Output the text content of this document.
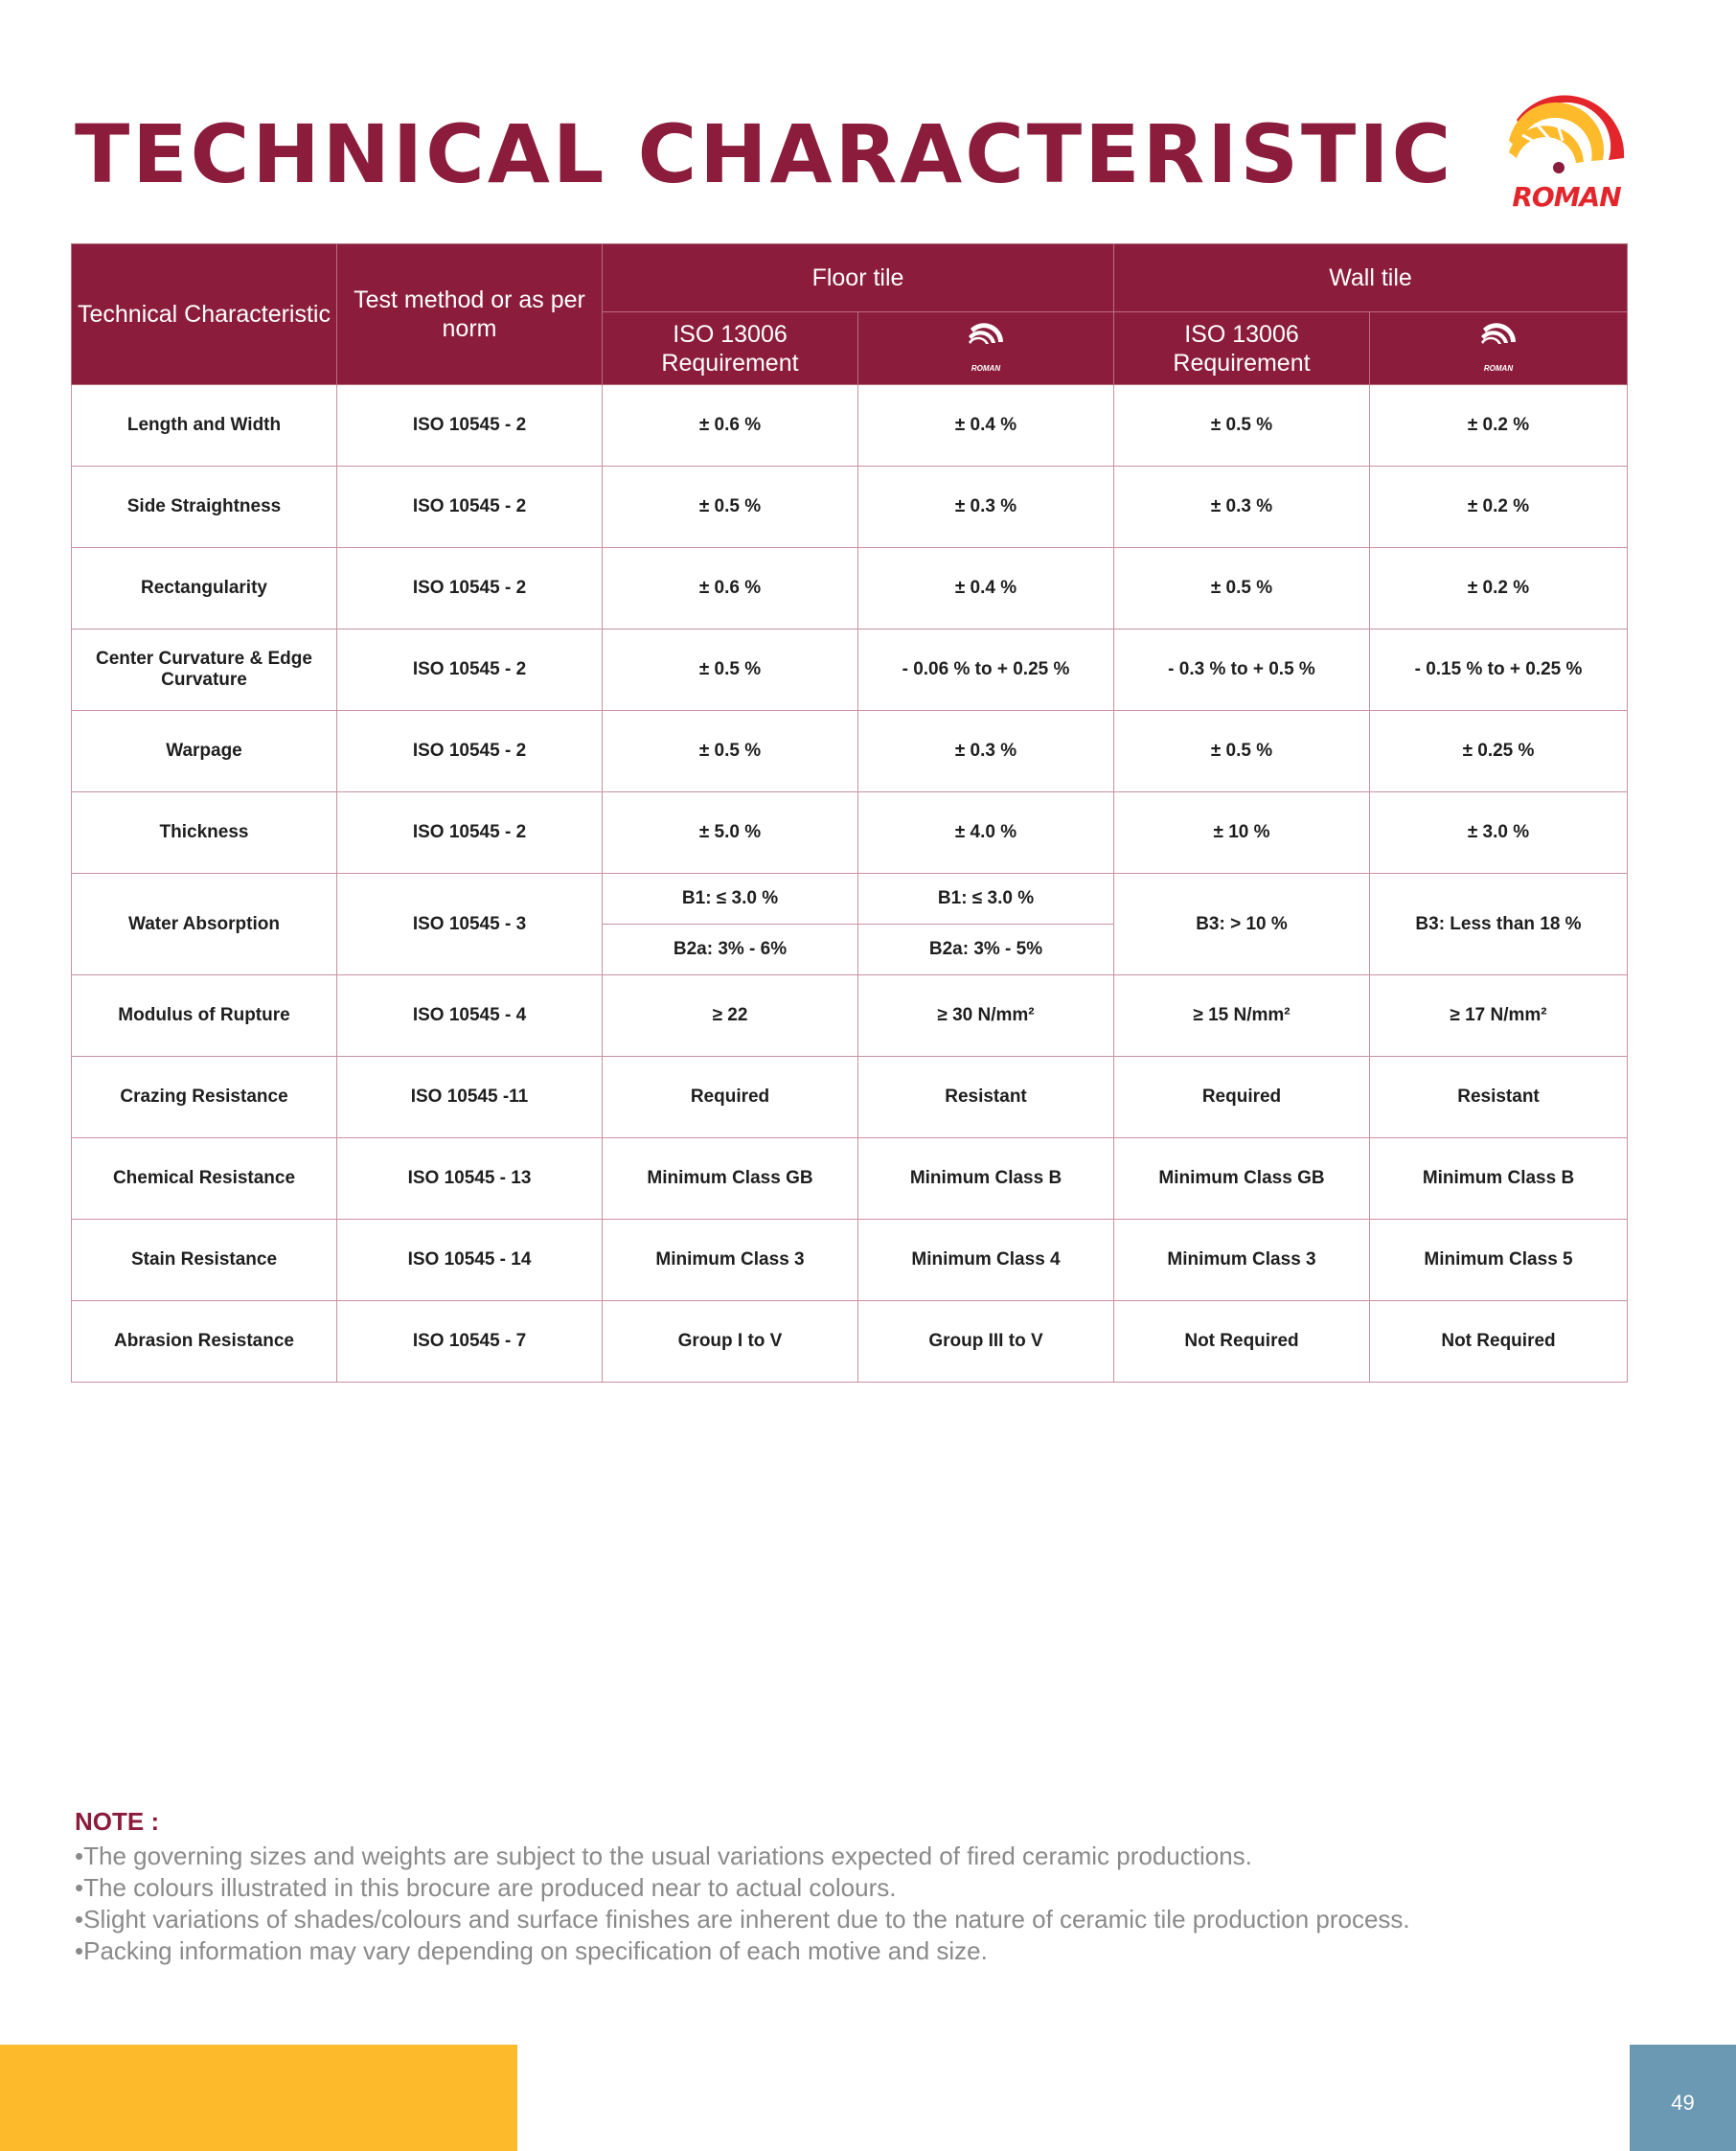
TECHNICAL CHARACTERISTIC	ROMAN
Technical Characteristic	Test method or as per norm	Floor tile		Wall tile	
		ISO 13006 Requirement	ROMAN	ISO 13006 Requirement	ROMAN

Length and Width	ISO 10545 - 2	± 0.6 %	± 0.4 %	± 0.5 %	± 0.2 %
Side Straightness	ISO 10545 - 2	± 0.5 %	± 0.3 %	± 0.3 %	± 0.2 %
Rectangularity	ISO 10545 - 2	± 0.6 %	± 0.4 %	± 0.5 %	± 0.2 %
Center Curvature & Edge Curvature	ISO 10545 - 2	± 0.5 %	- 0.06 % to + 0.25 %	- 0.3 % to + 0.5 %	- 0.15 % to + 0.25 %
Warpage	ISO 10545 - 2	± 0.5 %	± 0.3 %	± 0.5 %	± 0.25 %
Thickness	ISO 10545 - 2	± 5.0 %	± 4.0 %	± 10 %	± 3.0 %
Water Absorption	ISO 10545 - 3	B1: ≤ 3.0 %	B1: ≤ 3.0 %	B3: > 10 %	B3: Less than 18 %
		B2a: 3% - 6%	B2a: 3% - 5%		
Modulus of Rupture	ISO 10545 - 4	≥ 22	≥ 30 N/mm²	≥ 15 N/mm²	≥ 17 N/mm²
Crazing Resistance	ISO 10545 -11	Required	Resistant	Required	Resistant
Chemical Resistance	ISO 10545 - 13	Minimum Class GB	Minimum Class B	Minimum Class GB	Minimum Class B
Stain Resistance	ISO 10545 - 14	Minimum Class 3	Minimum Class 4	Minimum Class 3	Minimum Class 5
Abrasion Resistance	ISO 10545 - 7	Group I to V	Group III to V	Not Required	Not Required
NOTE :
• The governing sizes and weights are subject to the usual variations expected of fired ceramic productions.
• The colours illustrated in this brocure are produced near to actual colours.
• Slight variations of shades/colours and surface finishes are inherent due to the nature of ceramic tile production process.
• Packing information may vary depending on specification of each motive and size.
49
